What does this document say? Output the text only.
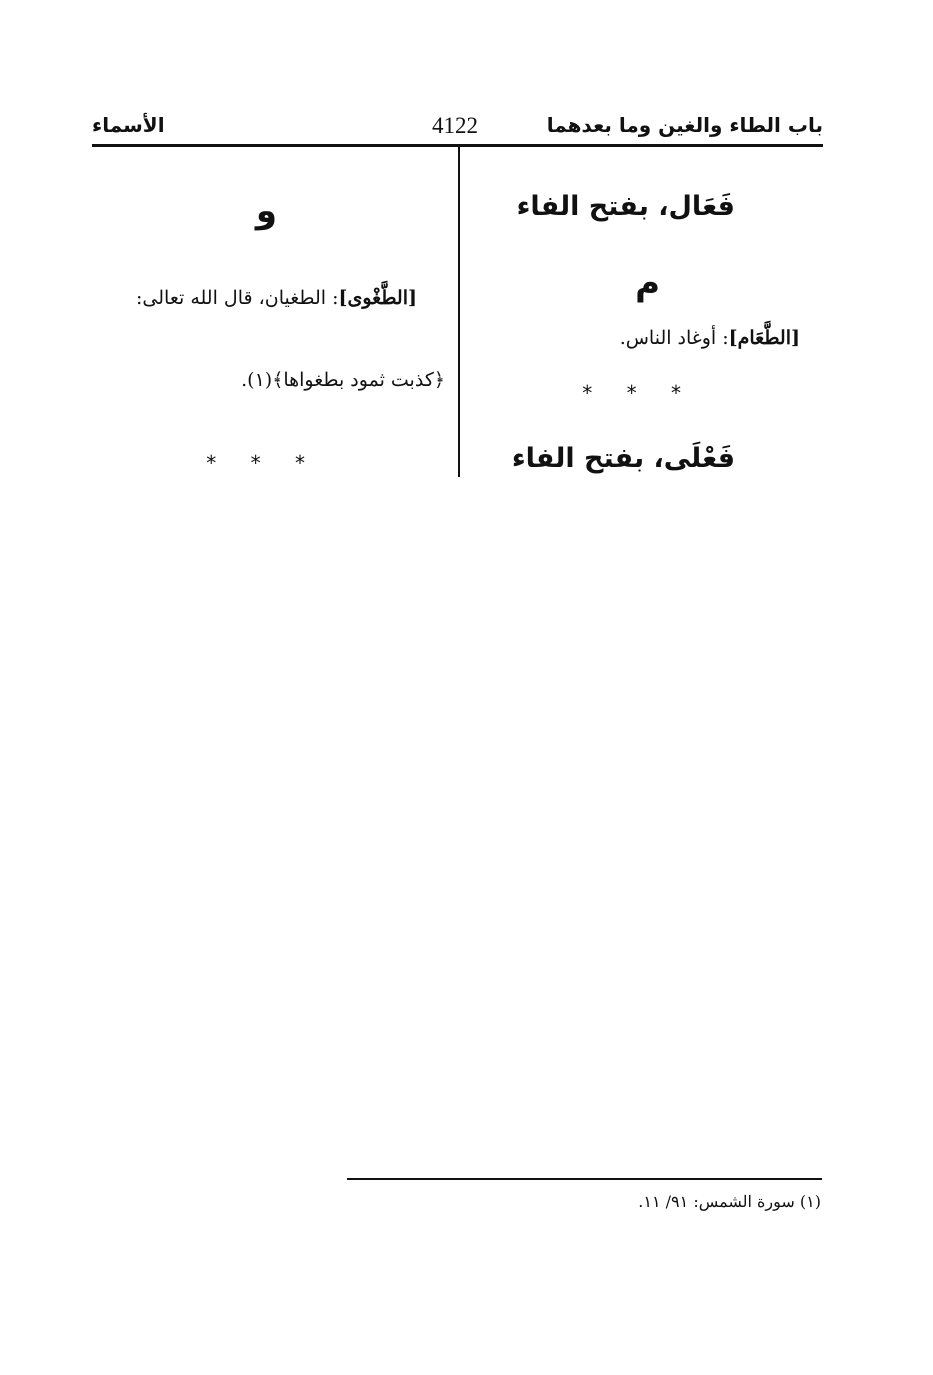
الأسماء	4122	باب الطاء والغين وما بعدهما
فَعَال، بفتح الفاء
م
[الطَّعَام]: أوغاد الناس.
* * *
فَعْلَى، بفتح الفاء
و
[الطَّغْوى]: الطغيان، قال الله تعالى:
﴿كذبت ثمود بطغواها﴾(١).
* * *
(١) سورة الشمس: ٩١/ ١١.
